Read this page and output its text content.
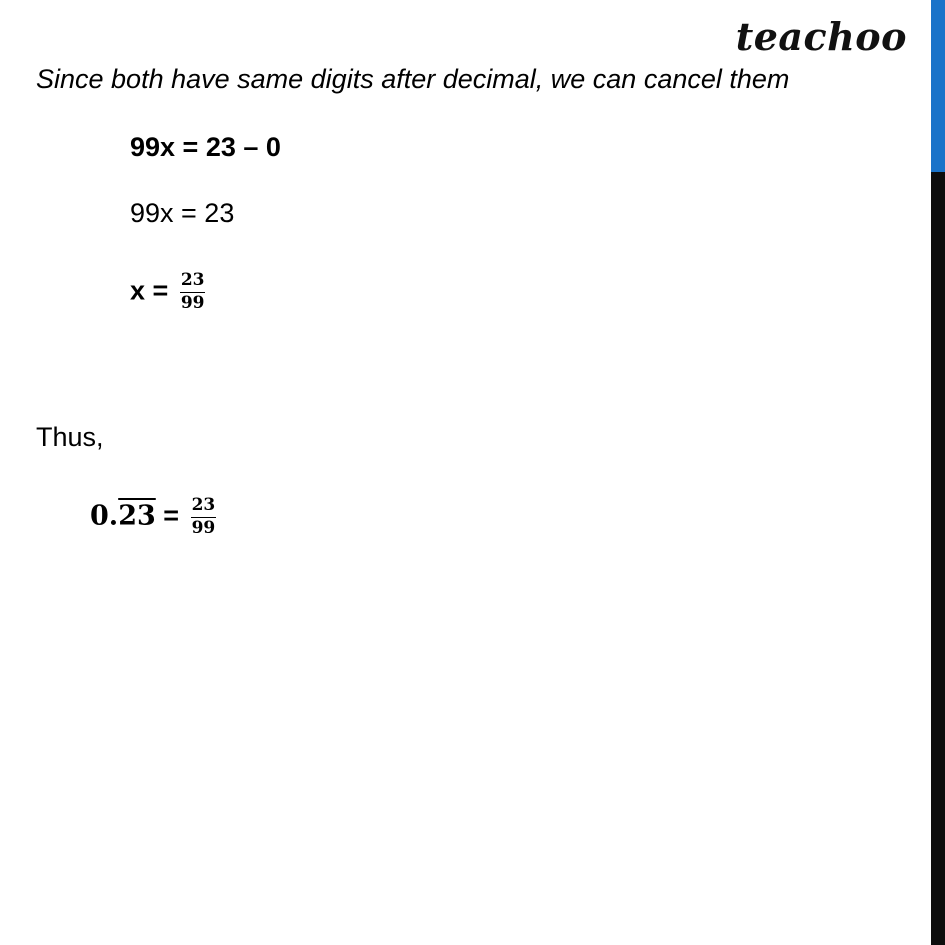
teachoo
Since both have same digits after decimal, we can cancel them
99x = 23 – 0
99x = 23
$x = \frac{23}{99}$
Thus,
$0.23 = \frac{23}{99}$
